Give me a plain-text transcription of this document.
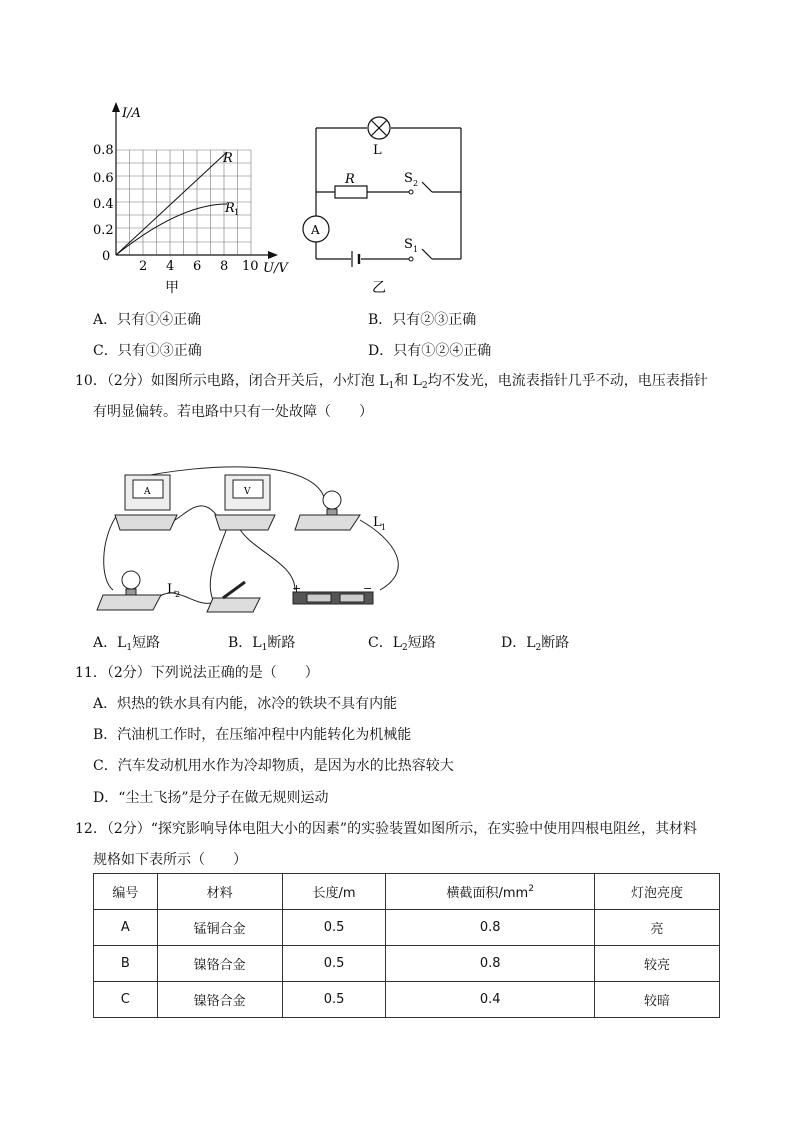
I/A
U/V
0.8
0.6
0.4
0.2
0
2 4 6 8 10
R
R 1
甲
L
R	S 2
S 1
A
乙
A．只有①④正确	B．只有②③正确
C．只有①③正确	D．只有①②④正确
10．（2分）如图所示电路，闭合开关后，小灯泡 $L_1$和 $L_2$均不发光，电流表指针几乎不动，电压表指针
有明显偏转。若电路中只有一处故障（　　）
A	V
L 1
L 2	+	−
A．$L_1$短路	B．$L_1$断路	C．$L_2$短路	D．$L_2$断路
11．（2分）下列说法正确的是（　　）
A．炽热的铁水具有内能，冰冷的铁块不具有内能
B．汽油机工作时，在压缩冲程中内能转化为机械能
C．汽车发动机用水作为冷却物质，是因为水的比热容较大
D．“尘土飞扬”是分子在做无规则运动
12．（2分）“探究影响导体电阻大小的因素”的实验装置如图所示，在实验中使用四根电阻丝，其材料
规格如下表所示（　　）
编号	材料	长度/m	横截面积$/mm^2$	灯泡亮度
A	锰铜合金	0.5	0.8	亮
B	镍铬合金	0.5	0.8	较亮
C	镍铬合金	0.5	0.4	较暗
